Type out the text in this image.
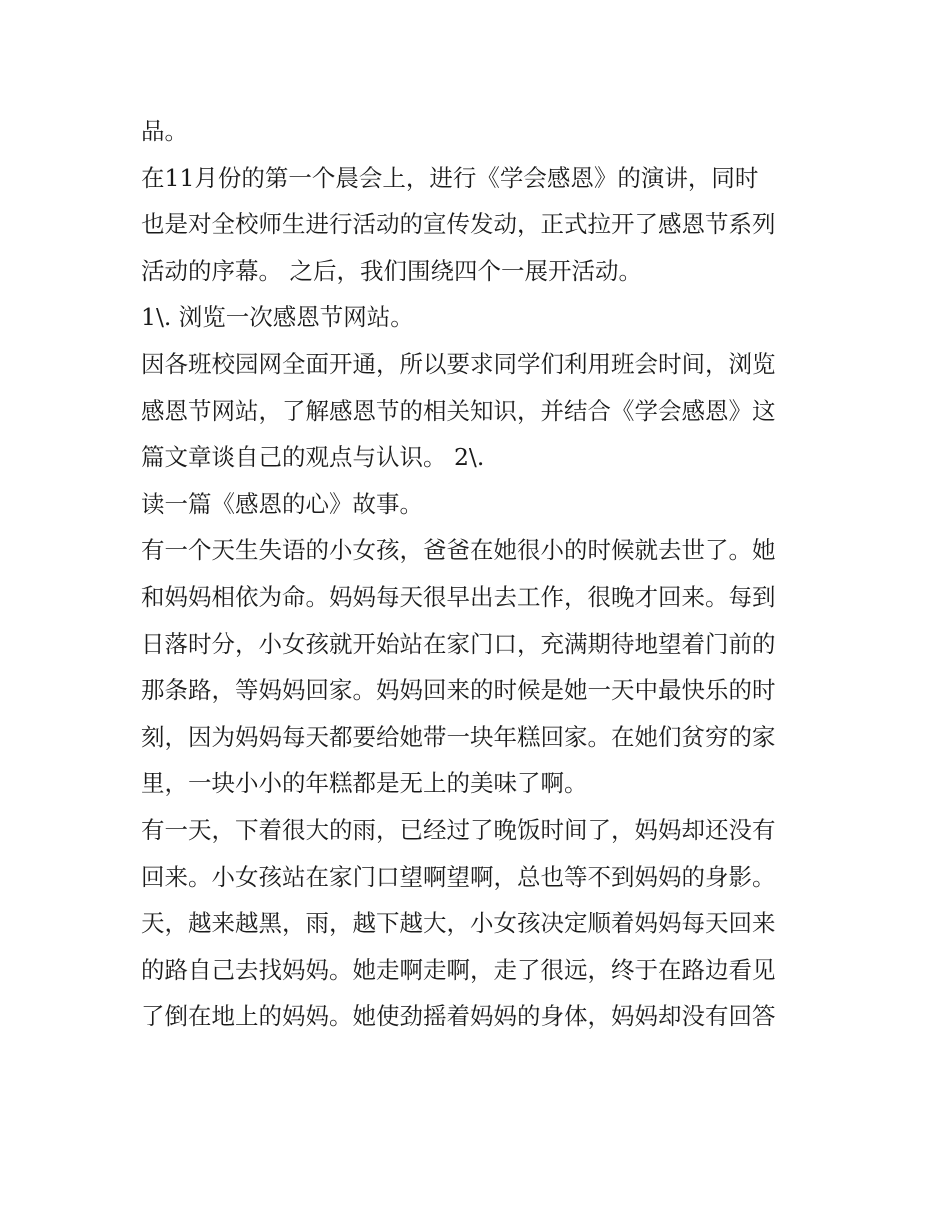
品。
在11月份的第一个晨会上，进行《学会感恩》的演讲，同时
也是对全校师生进行活动的宣传发动，正式拉开了感恩节系列
活动的序幕。 之后，我们围绕四个一展开活动。
1\. 浏览一次感恩节网站。
因各班校园网全面开通，所以要求同学们利用班会时间，浏览
感恩节网站，了解感恩节的相关知识，并结合《学会感恩》这
篇文章谈自己的观点与认识。 2\.
读一篇《感恩的心》故事。
有一个天生失语的小女孩，爸爸在她很小的时候就去世了。她
和妈妈相依为命。妈妈每天很早出去工作，很晚才回来。每到
日落时分，小女孩就开始站在家门口，充满期待地望着门前的
那条路，等妈妈回家。妈妈回来的时候是她一天中最快乐的时
刻，因为妈妈每天都要给她带一块年糕回家。在她们贫穷的家
里，一块小小的年糕都是无上的美味了啊。
有一天，下着很大的雨，已经过了晚饭时间了，妈妈却还没有
回来。小女孩站在家门口望啊望啊，总也等不到妈妈的身影。
天，越来越黑，雨，越下越大，小女孩决定顺着妈妈每天回来
的路自己去找妈妈。她走啊走啊，走了很远，终于在路边看见
了倒在地上的妈妈。她使劲摇着妈妈的身体，妈妈却没有回答
